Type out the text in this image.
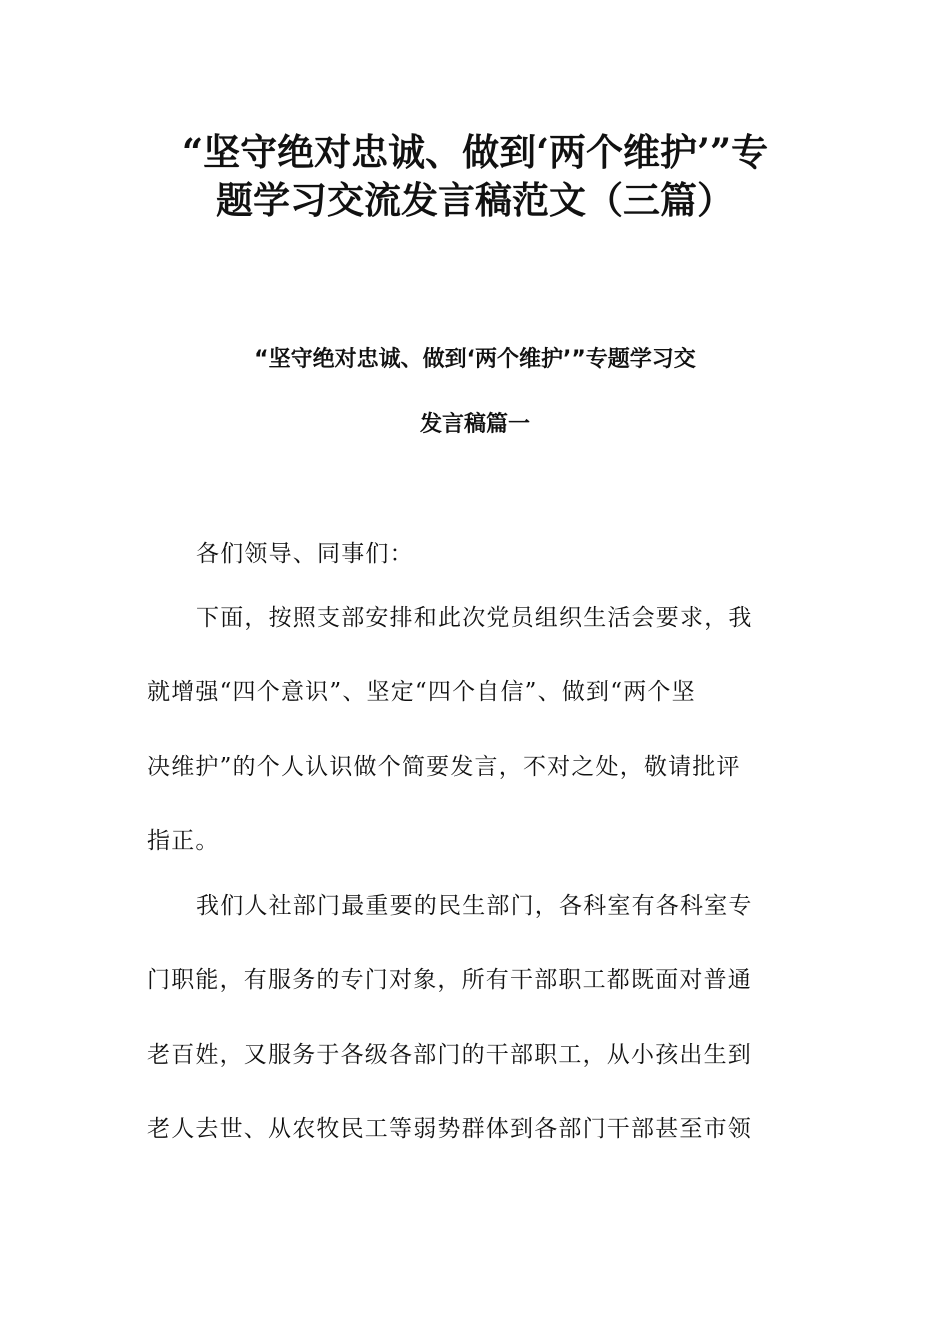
“坚守绝对忠诚、做到‘两个维护’”专
题学习交流发言稿范文（三篇）
“坚守绝对忠诚、做到‘两个维护’”专题学习交
发言稿篇一

各们领导、同事们：

下面，按照支部安排和此次党员组织生活会要求，我

就增强“四个意识”、坚定“四个自信”、做到“两个坚

决维护”的个人认识做个简要发言，不对之处，敬请批评

指正。

我们人社部门最重要的民生部门，各科室有各科室专

门职能，有服务的专门对象，所有干部职工都既面对普通

老百姓，又服务于各级各部门的干部职工，从小孩出生到

老人去世、从农牧民工等弱势群体到各部门干部甚至市领
